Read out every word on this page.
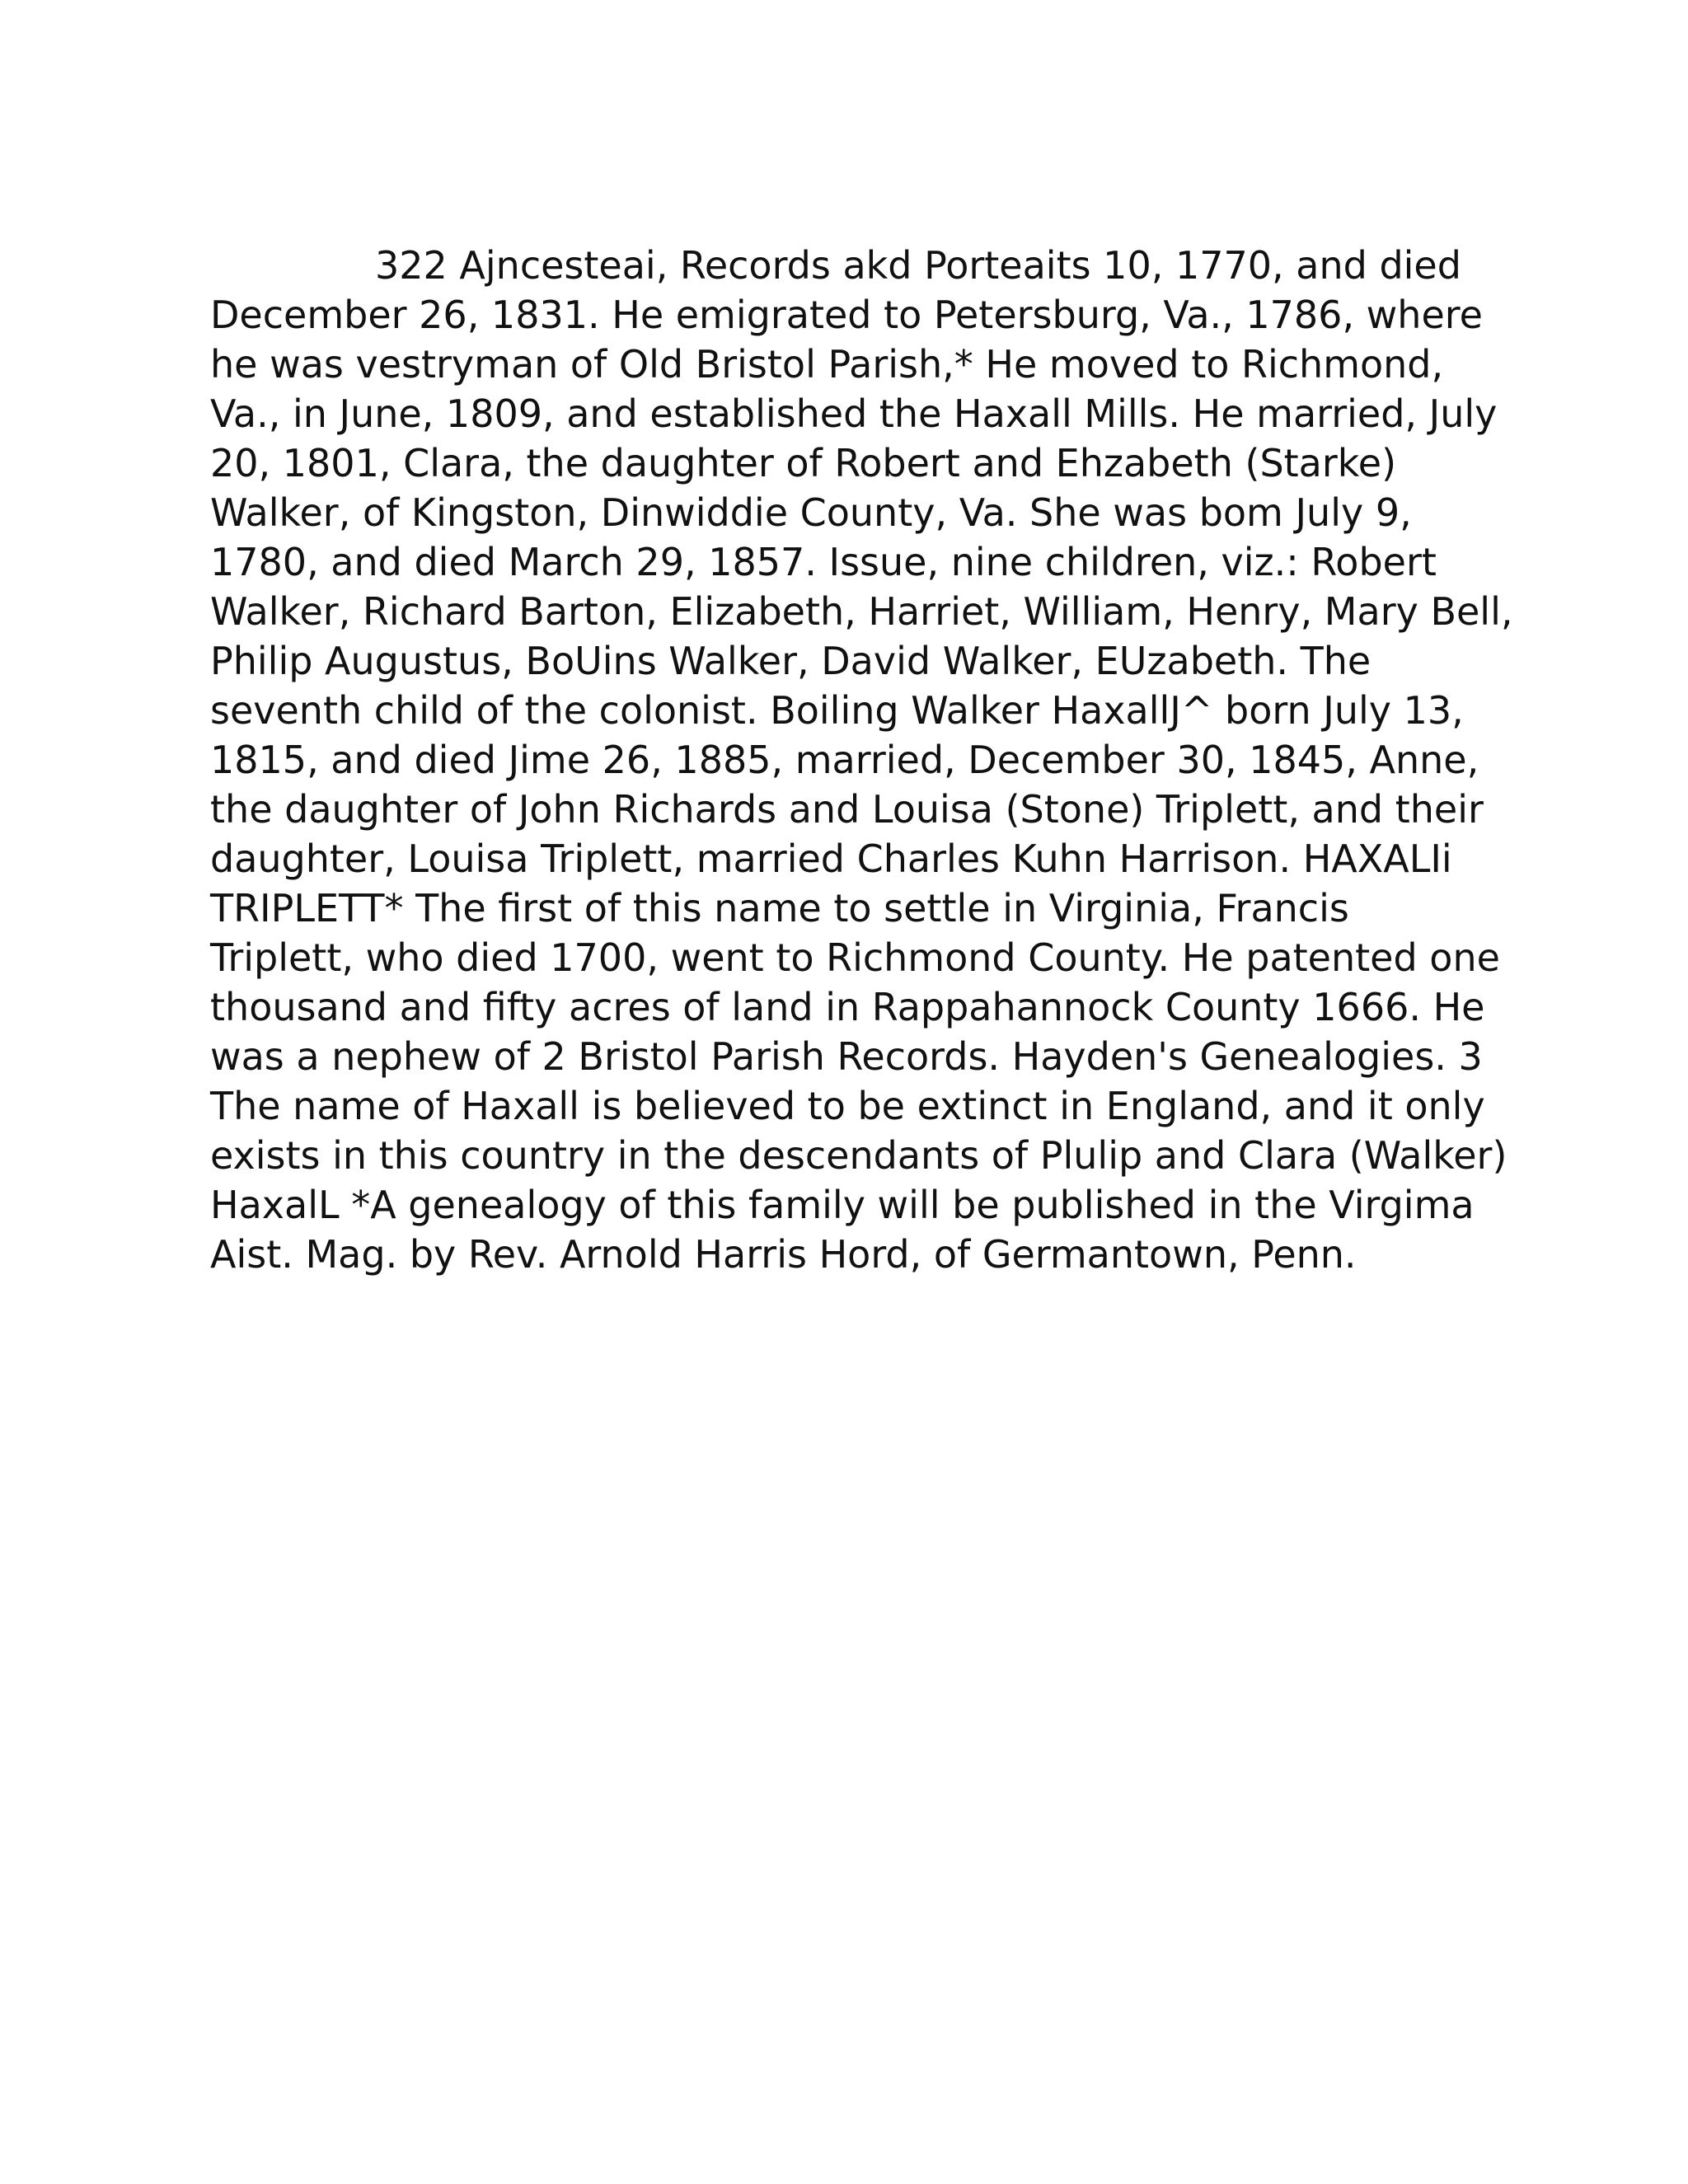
322 Ajncesteai, Records akd Porteaits 10, 1770, and died
December 26, 1831. He emigrated to Petersburg, Va., 1786, where
he was vestryman of Old Bristol Parish,* He moved to Richmond,
Va., in June, 1809, and established the Haxall Mills. He married, July
20, 1801, Clara, the daughter of Robert and Ehzabeth (Starke)
Walker, of Kingston, Dinwiddie County, Va. She was bom July 9,
1780, and died March 29, 1857. Issue, nine children, viz.: Robert
Walker, Richard Barton, Elizabeth, Harriet, William, Henry, Mary Bell,
Philip Augustus, BoUins Walker, David Walker, EUzabeth. The
seventh child of the colonist. Boiling Walker HaxallJ^ born July 13,
1815, and died Jime 26, 1885, married, December 30, 1845, Anne,
the daughter of John Richards and Louisa (Stone) Triplett, and their
daughter, Louisa Triplett, married Charles Kuhn Harrison. HAXALIi
TRIPLETT* The first of this name to settle in Virginia, Francis
Triplett, who died 1700, went to Richmond County. He patented one
thousand and fifty acres of land in Rappahannock County 1666. He
was a nephew of 2 Bristol Parish Records. Hayden's Genealogies. 3
The name of Haxall is believed to be extinct in England, and it only
exists in this country in the descendants of Plulip and Clara (Walker)
HaxalL *A genealogy of this family will be published in the Virgima
Aist. Mag. by Rev. Arnold Harris Hord, of Germantown, Penn.
